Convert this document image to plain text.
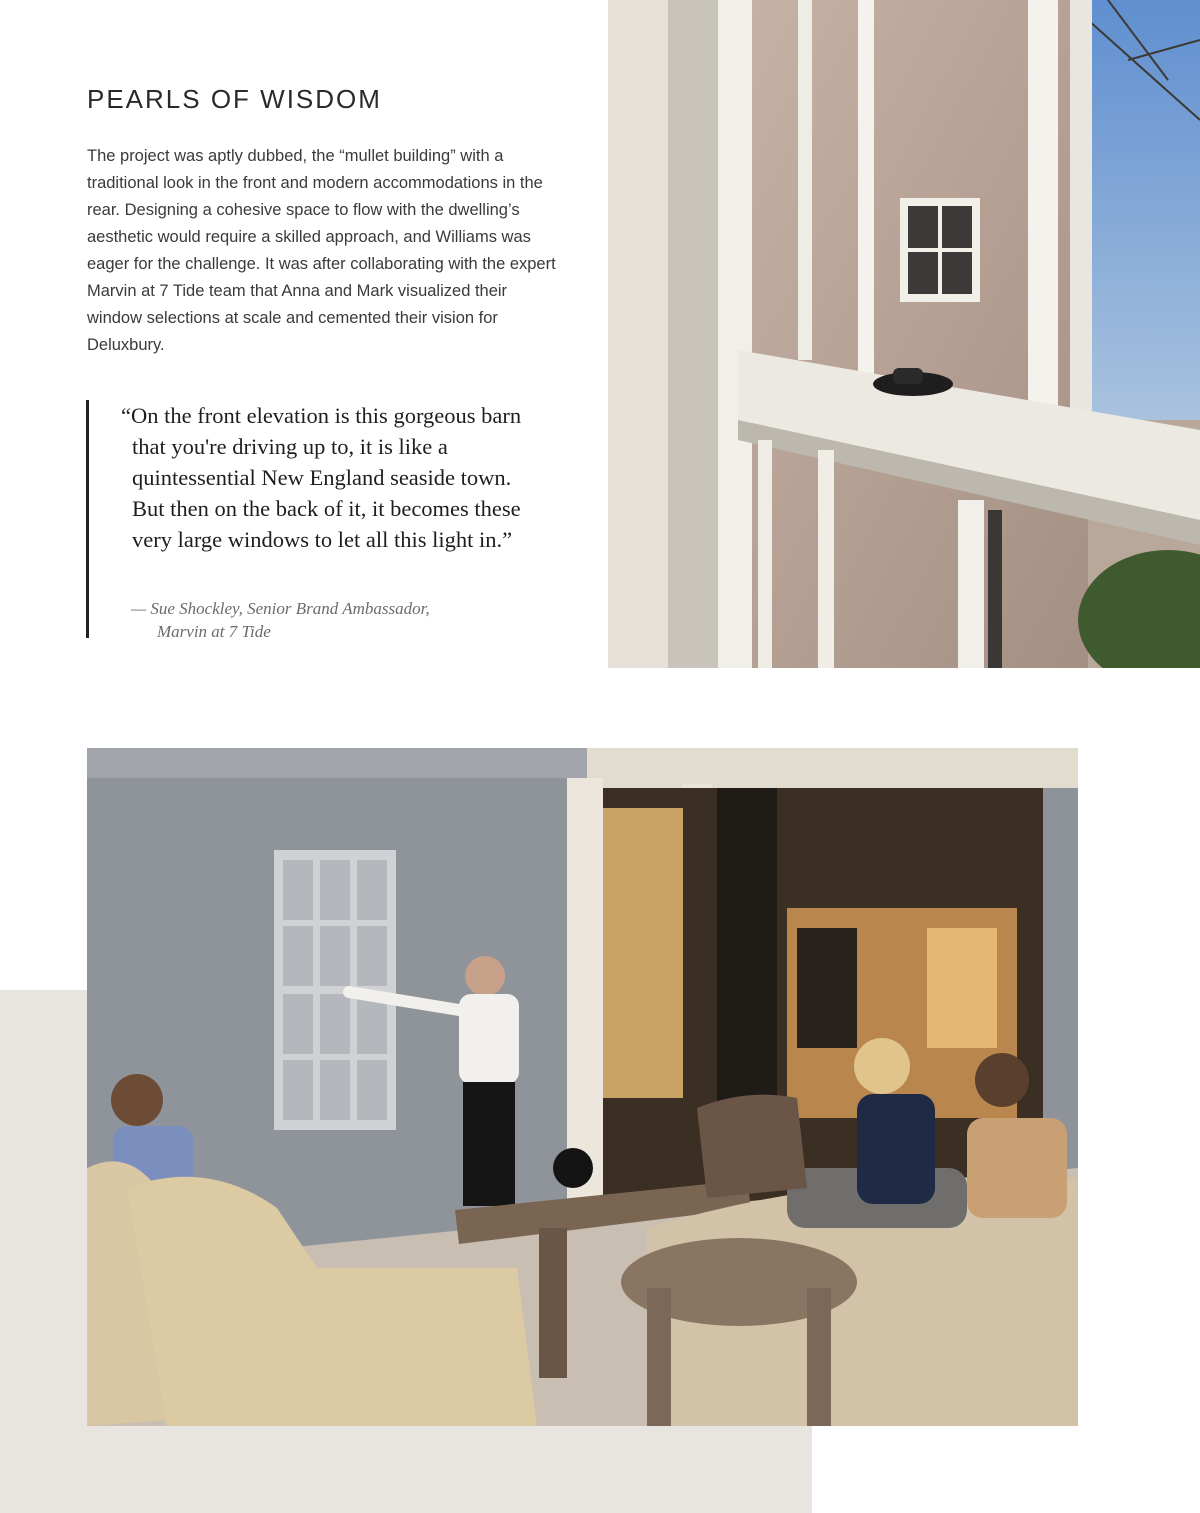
PEARLS OF WISDOM

The project was aptly dubbed, the “mullet building” with a traditional look in the front and modern accommodations in the rear. Designing a cohesive space to flow with the dwelling’s aesthetic would require a skilled approach, and Williams was eager for the challenge. It was after collaborating with the expert Marvin at 7 Tide team that Anna and Mark visualized their window selections at scale and cemented their vision for Deluxbury.

“On the front elevation is this gorgeous barn that you're driving up to, it is like a quintessential New England seaside town. But then on the back of it, it becomes these very large windows to let all this light in.”

— Sue Shockley, Senior Brand Ambassador,
Marvin at 7 Tide
